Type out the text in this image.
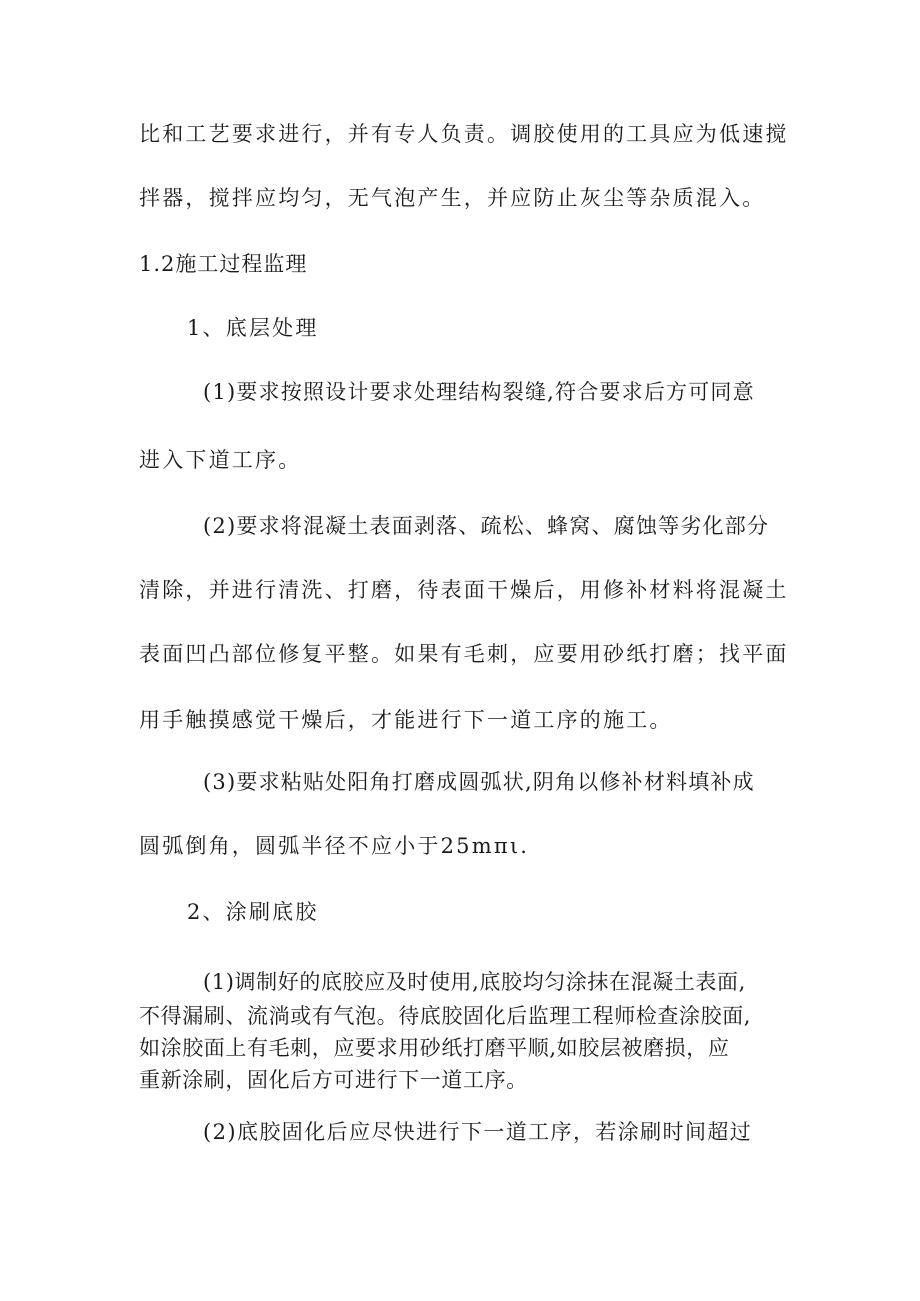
比和工艺要求进行，并有专人负责。调胶使用的工具应为低速搅
拌器，搅拌应均匀，无气泡产生，并应防止灰尘等杂质混入。
1.2施工过程监理
1、底层处理
(1)要求按照设计要求处理结构裂缝,符合要求后方可同意
进入下道工序。
(2)要求将混凝土表面剥落、疏松、蜂窝、腐蚀等劣化部分
清除，并进行清洗、打磨，待表面干燥后，用修补材料将混凝土
表面凹凸部位修复平整。如果有毛刺，应要用砂纸打磨；找平面
用手触摸感觉干燥后，才能进行下一道工序的施工。
(3)要求粘贴处阳角打磨成圆弧状,阴角以修补材料填补成
圆弧倒角，圆弧半径不应小于25mπι.
2、涂刷底胶
(1)调制好的底胶应及时使用,底胶均匀涂抹在混凝土表面,
不得漏刷、流淌或有气泡。待底胶固化后监理工程师检查涂胶面,
如涂胶面上有毛刺，应要求用砂纸打磨平顺,如胶层被磨损，应
重新涂刷，固化后方可进行下一道工序。
(2)底胶固化后应尽快进行下一道工序，若涂刷时间超过
